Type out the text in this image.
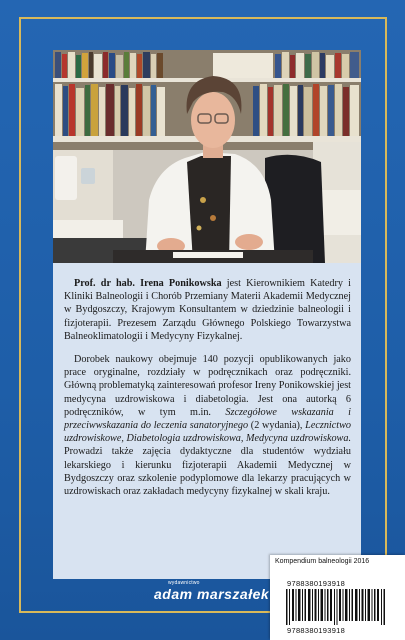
Prof. dr hab. Irena Ponikowska jest Kierownikiem Katedry i Kliniki Balneologii i Chorób Przemiany Materii Akademii Medycznej w Bydgoszczy, Krajowym Konsultantem w dziedzinie balneologii i fizjoterapii. Prezesem Zarządu Głównego Polskiego Towarzystwa Balneoklimatologii i Medycyny Fizykalnej.

Dorobek naukowy obejmuje 140 pozycji opublikowanych jako prace oryginalne, rozdziały w podręcznikach oraz podręczniki. Główną problematyką zainteresowań profesor Ireny Ponikowskiej jest medycyna uzdrowiskowa i diabetologia. Jest ona autorką 6 podręczników, w tym m.in. Szczegółowe wskazania i przeciwwskazania do leczenia sanatoryjnego (2 wydania), Lecznictwo uzdrowiskowe, Diabetologia uzdrowiskowa, Medycyna uzdrowiskowa. Prowadzi także zajęcia dydaktyczne dla studentów wydziału lekarskiego i kierunku fizjoterapii Akademii Medycznej w Bydgoszczy oraz szkolenie podyplomowe dla lekarzy pracujących w uzdrowiskach oraz zakładach medycyny fizykalnej w skali kraju.

wydawnictwo
adam marszałek
Kompendium balneologii 2016
9788380193918
9788380193918
